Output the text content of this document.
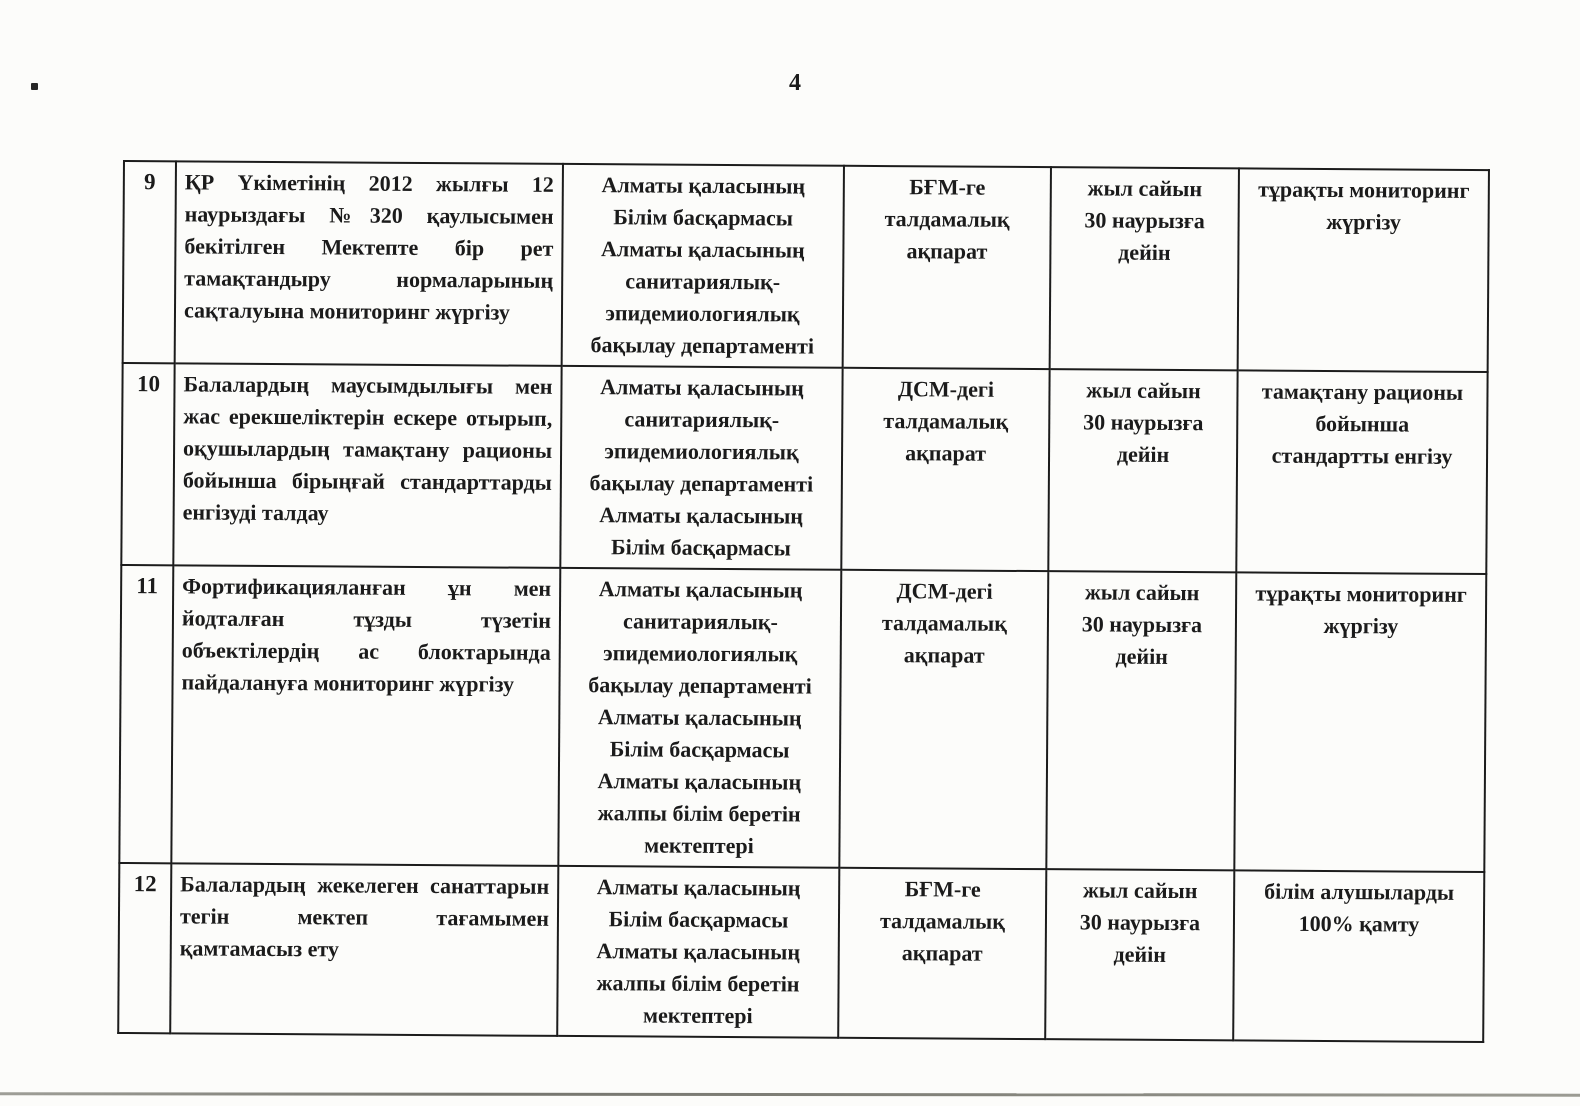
4
9	ҚР Үкіметінің 2012 жылғы 12 наурыздағы №320 қаулысымен бекітілген Мектепте бір рет тамақтандыру нормаларының сақталуына мониторинг жүргізу	Алматы қаласының
Білім басқармасы
Алматы қаласының
санитариялық-
эпидемиологиялық
бақылау департаменті	БҒМ-ге
талдамалық
ақпарат	жыл сайын
30 наурызға
дейін	тұрақты мониторинг
жүргізу
10	Балалардың маусымдылығы мен жас ерекшеліктерін ескере отырып, оқушылардың тамақтану рационы бойынша бірыңғай стандарттарды енгізуді талдау	Алматы қаласының
санитариялық-
эпидемиологиялық
бақылау департаменті
Алматы қаласының
Білім басқармасы	ДСМ-дегі
талдамалық
ақпарат	жыл сайын
30 наурызға
дейін	тамақтану рационы
бойынша
стандартты енгізу
11	Фортификацияланған ұн мен йодталған тұзды түзетін объектілердің ас блоктарында пайдалануға мониторинг жүргізу	Алматы қаласының
санитариялық-
эпидемиологиялық
бақылау департаменті
Алматы қаласының
Білім басқармасы
Алматы қаласының
жалпы білім беретін
мектептері	ДСМ-дегі
талдамалық
ақпарат	жыл сайын
30 наурызға
дейін	тұрақты мониторинг
жүргізу
12	Балалардың жекелеген санаттарын тегін мектеп тағамымен қамтамасыз ету	Алматы қаласының
Білім басқармасы
Алматы қаласының
жалпы білім беретін
мектептері	БҒМ-ге
талдамалық
ақпарат	жыл сайын
30 наурызға
дейін	білім алушыларды
100% қамту
